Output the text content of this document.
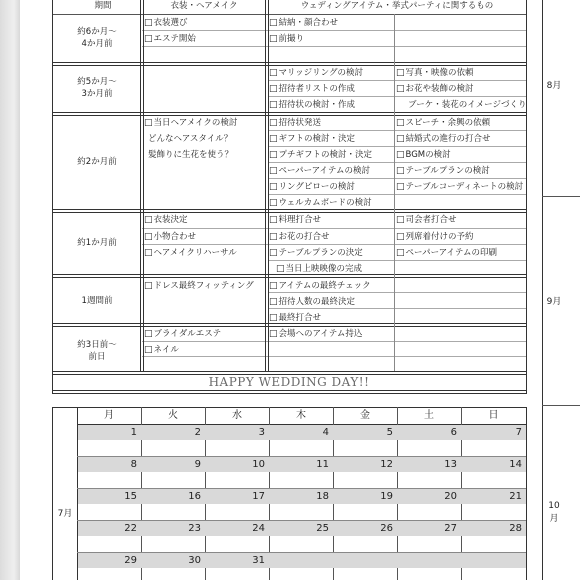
期間	衣装・ヘアメイク	ウェディングアイテム・挙式パーティに関するもの
約6か月～
4か月前
約5か月～
3か月前
約2か月前
約1か月前
1週間前
約3日前～
前日
□ 衣装選び
□ エステ開始
□ 結納・顔合わせ
□ 前撮り
□ マリッジリングの検討
□ 招待者リストの作成
□ 招待状の検討・作成
□ 写真・映像の依頼
□ お花や装飾の検討
ブーケ・装花のイメージづくり
□ 当日ヘアメイクの検討
どんなヘアスタイル？
髪飾りに生花を使う？
□ 招待状発送
□ ギフトの検討・決定
□ プチギフトの検討・決定
□ ペーパーアイテムの検討
□ リングピローの検討
□ ウェルカムボードの検討
□ スピーチ・余興の依頼
□ 結婚式の進行の打合せ
□ BGMの検討
□ テーブルプランの検討
□ テーブルコーディネートの検討
□ 衣装決定
□ 小物合わせ
□ ヘアメイクリハーサル
□ 料理打合せ
□ お花の打合せ
□ テーブルプランの決定
□ 当日上映映像の完成
□ 司会者打合せ
□ 列席着付けの予約
□ ペーパーアイテムの印刷
□ ドレス最終フィッティング
□	アイテムの最終チェック
□ 招待人数の最終決定
□ 最終打合せ
□ ブライダルエステ
□ ネイル
□ 会場へのアイテム持込
HAPPY WEDDING DAY!!
8月
9月
10
月
7月
月	火	水	木	金	土	日
1	2	3	4	5	6	7
8	9	10	11	12	13	14
15	16	17	18	19	20	21
22	23	24	25	26	27	28
29	30	31
